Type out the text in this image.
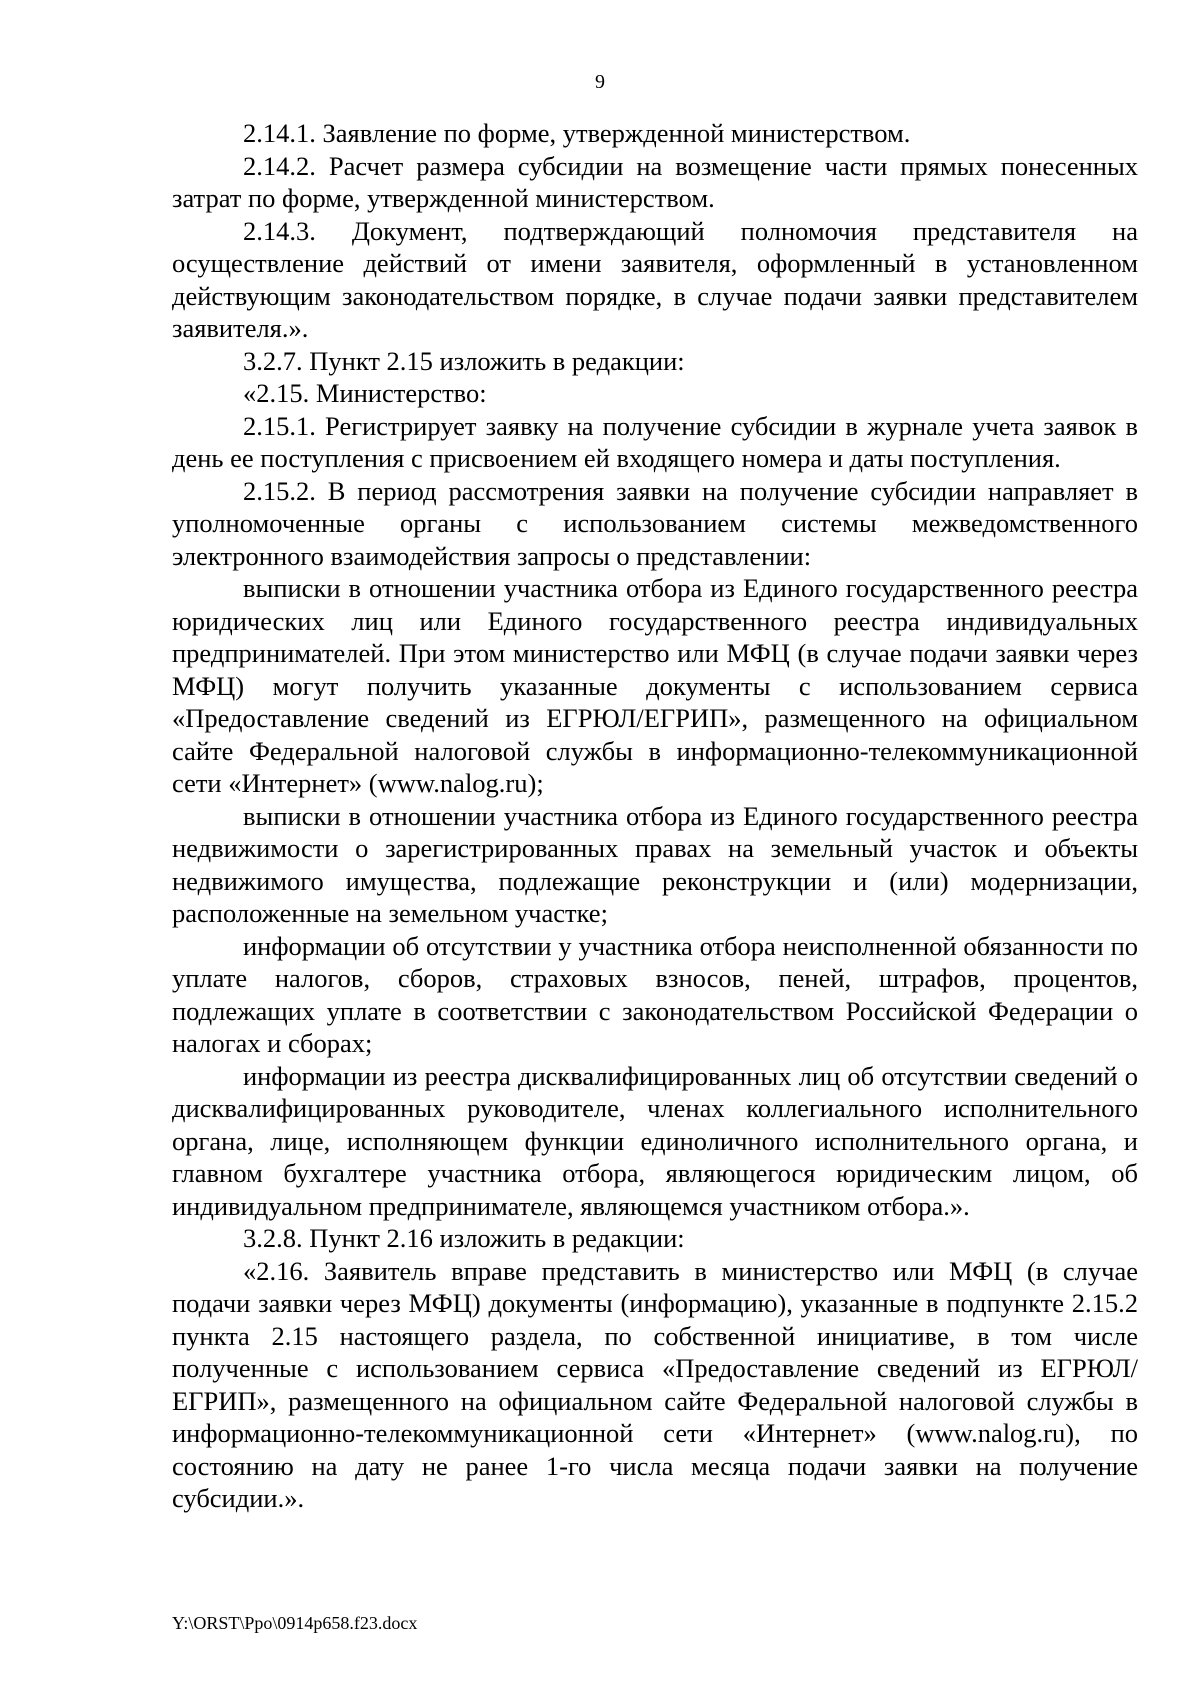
9

2.14.1. Заявление по форме, утвержденной министерством.

2.14.2. Расчет размера субсидии на возмещение части прямых понесенных затрат по форме, утвержденной министерством.

2.14.3. Документ, подтверждающий полномочия представителя на осуществление действий от имени заявителя, оформленный в установленном действующим законодательством порядке, в случае подачи заявки представителем заявителя.».

3.2.7. Пункт 2.15 изложить в редакции:

«2.15. Министерство:

2.15.1. Регистрирует заявку на получение субсидии в журнале учета заявок в день ее поступления с присвоением ей входящего номера и даты поступления.

2.15.2. В период рассмотрения заявки на получение субсидии направляет в уполномоченные органы с использованием системы межведомственного электронного взаимодействия запросы о представлении:

выписки в отношении участника отбора из Единого государственного реестра юридических лиц или Единого государственного реестра индивидуальных предпринимателей. При этом министерство или МФЦ (в случае подачи заявки через МФЦ) могут получить указанные документы с использованием сервиса «Предоставление сведений из ЕГРЮЛ/ЕГРИП», размещенного на официальном сайте Федеральной налоговой службы в информационно-телекоммуникационной сети «Интернет» (www.nalog.ru);

выписки в отношении участника отбора из Единого государственного реестра недвижимости о зарегистрированных правах на земельный участок и объекты недвижимого имущества, подлежащие реконструкции и (или) модернизации, расположенные на земельном участке;

информации об отсутствии у участника отбора неисполненной обязанности по уплате налогов, сборов, страховых взносов, пеней, штрафов, процентов, подлежащих уплате в соответствии с законодательством Российской Федерации о налогах и сборах;

информации из реестра дисквалифицированных лиц об отсутствии сведений о дисквалифицированных руководителе, членах коллегиального исполнительного органа, лице, исполняющем функции единоличного исполнительного органа, и главном бухгалтере участника отбора, являющегося юридическим лицом, об индивидуальном предпринимателе, являющемся участником отбора.».

3.2.8. Пункт 2.16 изложить в редакции:

«2.16. Заявитель вправе представить в министерство или МФЦ (в случае подачи заявки через МФЦ) документы (информацию), указанные в подпункте 2.15.2 пункта 2.15 настоящего раздела, по собственной инициативе, в том числе полученные с использованием сервиса «Предоставление сведений из ЕГРЮЛ/ЕГРИП», размещенного на официальном сайте Федеральной налоговой службы в информационно-телекоммуникационной сети «Интернет» (www.nalog.ru), по состоянию на дату не ранее 1-го числа месяца подачи заявки на получение субсидии.».

Y:\ORST\Ppo\0914p658.f23.docx
